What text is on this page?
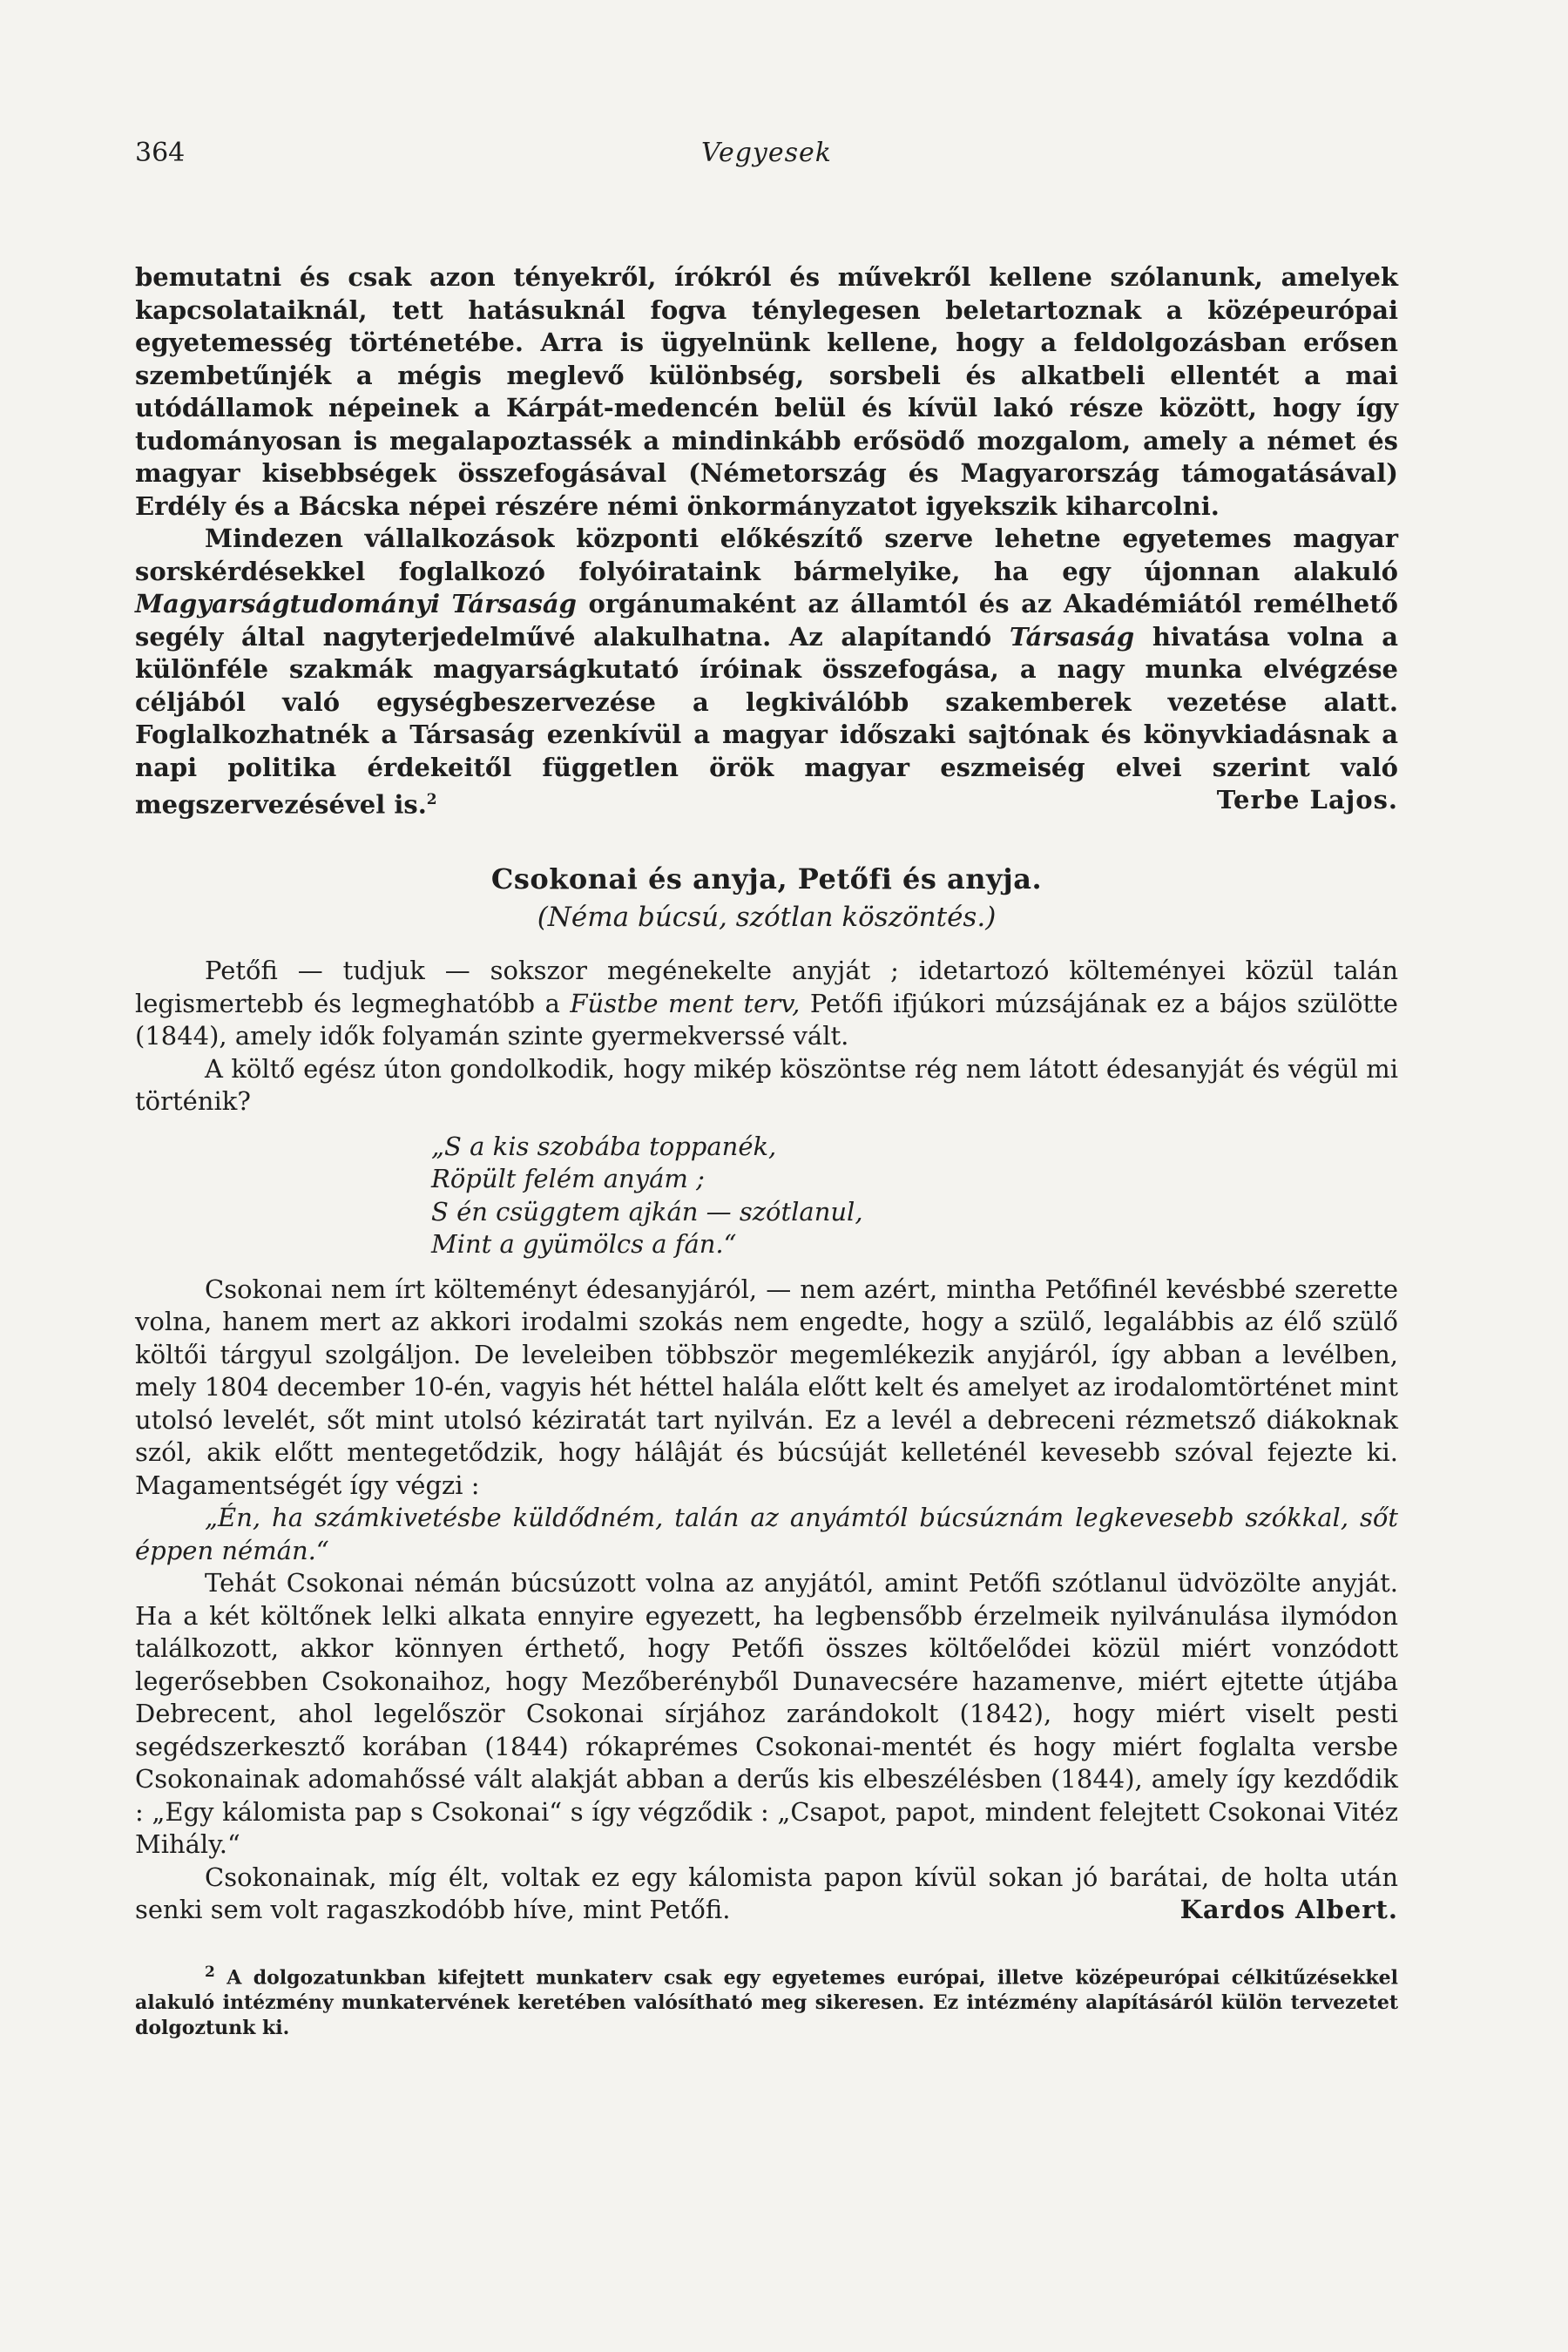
364	Vegyesek

bemutatni és csak azon tényekről, írókról és művekről kellene szólanunk, amelyek kapcsolataiknál, tett hatásuknál fogva ténylegesen beletartoznak a középeurópai egyetemesség történetébe. Arra is ügyelnünk kellene, hogy a feldolgozásban erősen szembetűnjék a mégis meglevő különbség, sorsbeli és alkatbeli ellentét a mai utódállamok népeinek a Kárpát-medencén belül és kívül lakó része között, hogy így tudományosan is megalapoztassék a mindinkább erősödő mozgalom, amely a német és magyar kisebbségek összefogásával (Németország és Magyarország támogatásával) Erdély és a Bácska népei részére némi önkormányzatot igyekszik kiharcolni.

Mindezen vállalkozások központi előkészítő szerve lehetne egyetemes magyar sorskérdésekkel foglalkozó folyóirataink bármelyike, ha egy újonnan alakuló Magyarságtudományi Társaság orgánumaként az államtól és az Akadémiától remélhető segély által nagyterjedelművé alakulhatna. Az alapítandó Társaság hivatása volna a különféle szakmák magyarságkutató íróinak összefogása, a nagy munka elvégzése céljából való egységbeszervezése a legkiválóbb szakemberek vezetése alatt. Foglalkozhatnék a Társaság ezenkívül a magyar időszaki sajtónak és könyvkiadásnak a napi politika érdekeitől független örök magyar eszmeiség elvei szerint való megszervezésével is.$^2$	Terbe Lajos.

Csokonai és anyja, Petőfi és anyja.
(Néma búcsú, szótlan köszöntés.)

Petőfi — tudjuk — sokszor megénekelte anyját ; idetartozó költeményei közül talán legismertebb és legmeghatóbb a Füstbe ment terv, Petőfi ifjúkori múzsájának ez a bájos szülötte (1844), amely idők folyamán szinte gyermekverssé vált.

A költő egész úton gondolkodik, hogy mikép köszöntse rég nem látott édesanyját és végül mi történik?

„S a kis szobába toppanék,
Röpült felém anyám ;
S én csüggtem ajkán — szótlanul,
Mint a gyümölcs a fán.“

Csokonai nem írt költeményt édesanyjáról, — nem azért, mintha Petőfinél kevésbbé szerette volna, hanem mert az akkori irodalmi szokás nem engedte, hogy a szülő, legalábbis az élő szülő költői tárgyul szolgáljon. De leveleiben többször megemlékezik anyjáról, így abban a levélben, mely 1804 december 10-én, vagyis hét héttel halála előtt kelt és amelyet az irodalomtörténet mint utolsó levelét, sőt mint utolsó kéziratát tart nyilván. Ez a levél a debreceni rézmetsző diákoknak szól, akik előtt mentegetődzik, hogy hálâját és búcsúját kelleténél kevesebb szóval fejezte ki. Magamentségét így végzi :

„Én, ha számkivetésbe küldődném, talán az anyámtól búcsúznám legkevesebb szókkal, sőt éppen némán.“

Tehát Csokonai némán búcsúzott volna az anyjától, amint Petőfi szótlanul üdvözölte anyját. Ha a két költőnek lelki alkata ennyire egyezett, ha legbensőbb érzelmeik nyilvánulása ilymódon találkozott, akkor könnyen érthető, hogy Petőfi összes költőelődei közül miért vonzódott legerősebben Csokonaihoz, hogy Mezőberényből Dunavecsére hazamenve, miért ejtette útjába Debrecent, ahol legelőször Csokonai sírjához zarándokolt (1842), hogy miért viselt pesti segédszerkesztő korában (1844) rókaprémes Csokonai-mentét és hogy miért foglalta versbe Csokonainak adomahőssé vált alakját abban a derűs kis elbeszélésben (1844), amely így kezdődik : „Egy kálomista pap s Csokonai“ s így végződik : „Csapot, papot, mindent felejtett Csokonai Vitéz Mihály.“

Csokonainak, míg élt, voltak ez egy kálomista papon kívül sokan jó barátai, de holta után senki sem volt ragaszkodóbb híve, mint Petőfi.	Kardos Albert.

$^2$ A dolgozatunkban kifejtett munkaterv csak egy egyetemes európai, illetve középeurópai célkitűzésekkel alakuló intézmény munkatervének keretében valósítható meg sikeresen. Ez intézmény alapításáról külön tervezetet dolgoztunk ki.
